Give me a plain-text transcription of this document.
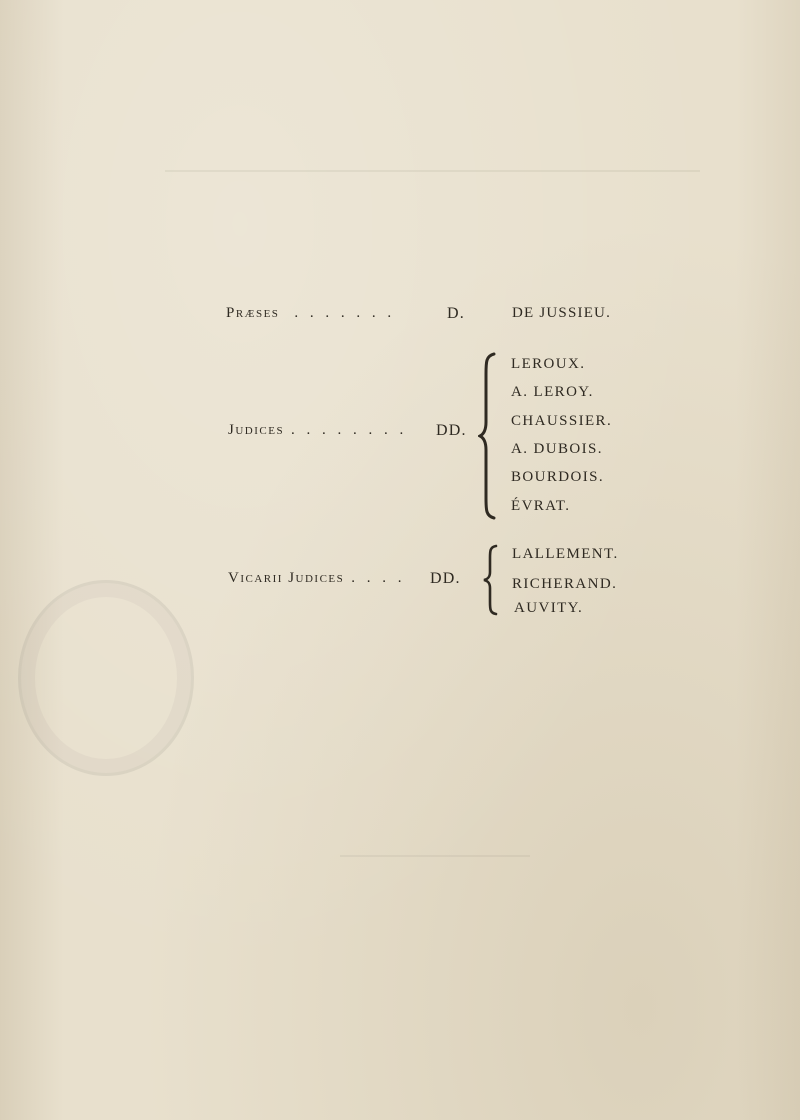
Præses . . . . . . .	D.	DE JUSSIEU.
Judices . . . . . . . . DD.
LEROUX.
A. LEROY.
CHAUSSIER.
A. DUBOIS.
BOURDOIS.
ÉVRAT.
Vicarii Judices . . . . DD.
LALLEMENT.
RICHERAND.
AUVITY.
